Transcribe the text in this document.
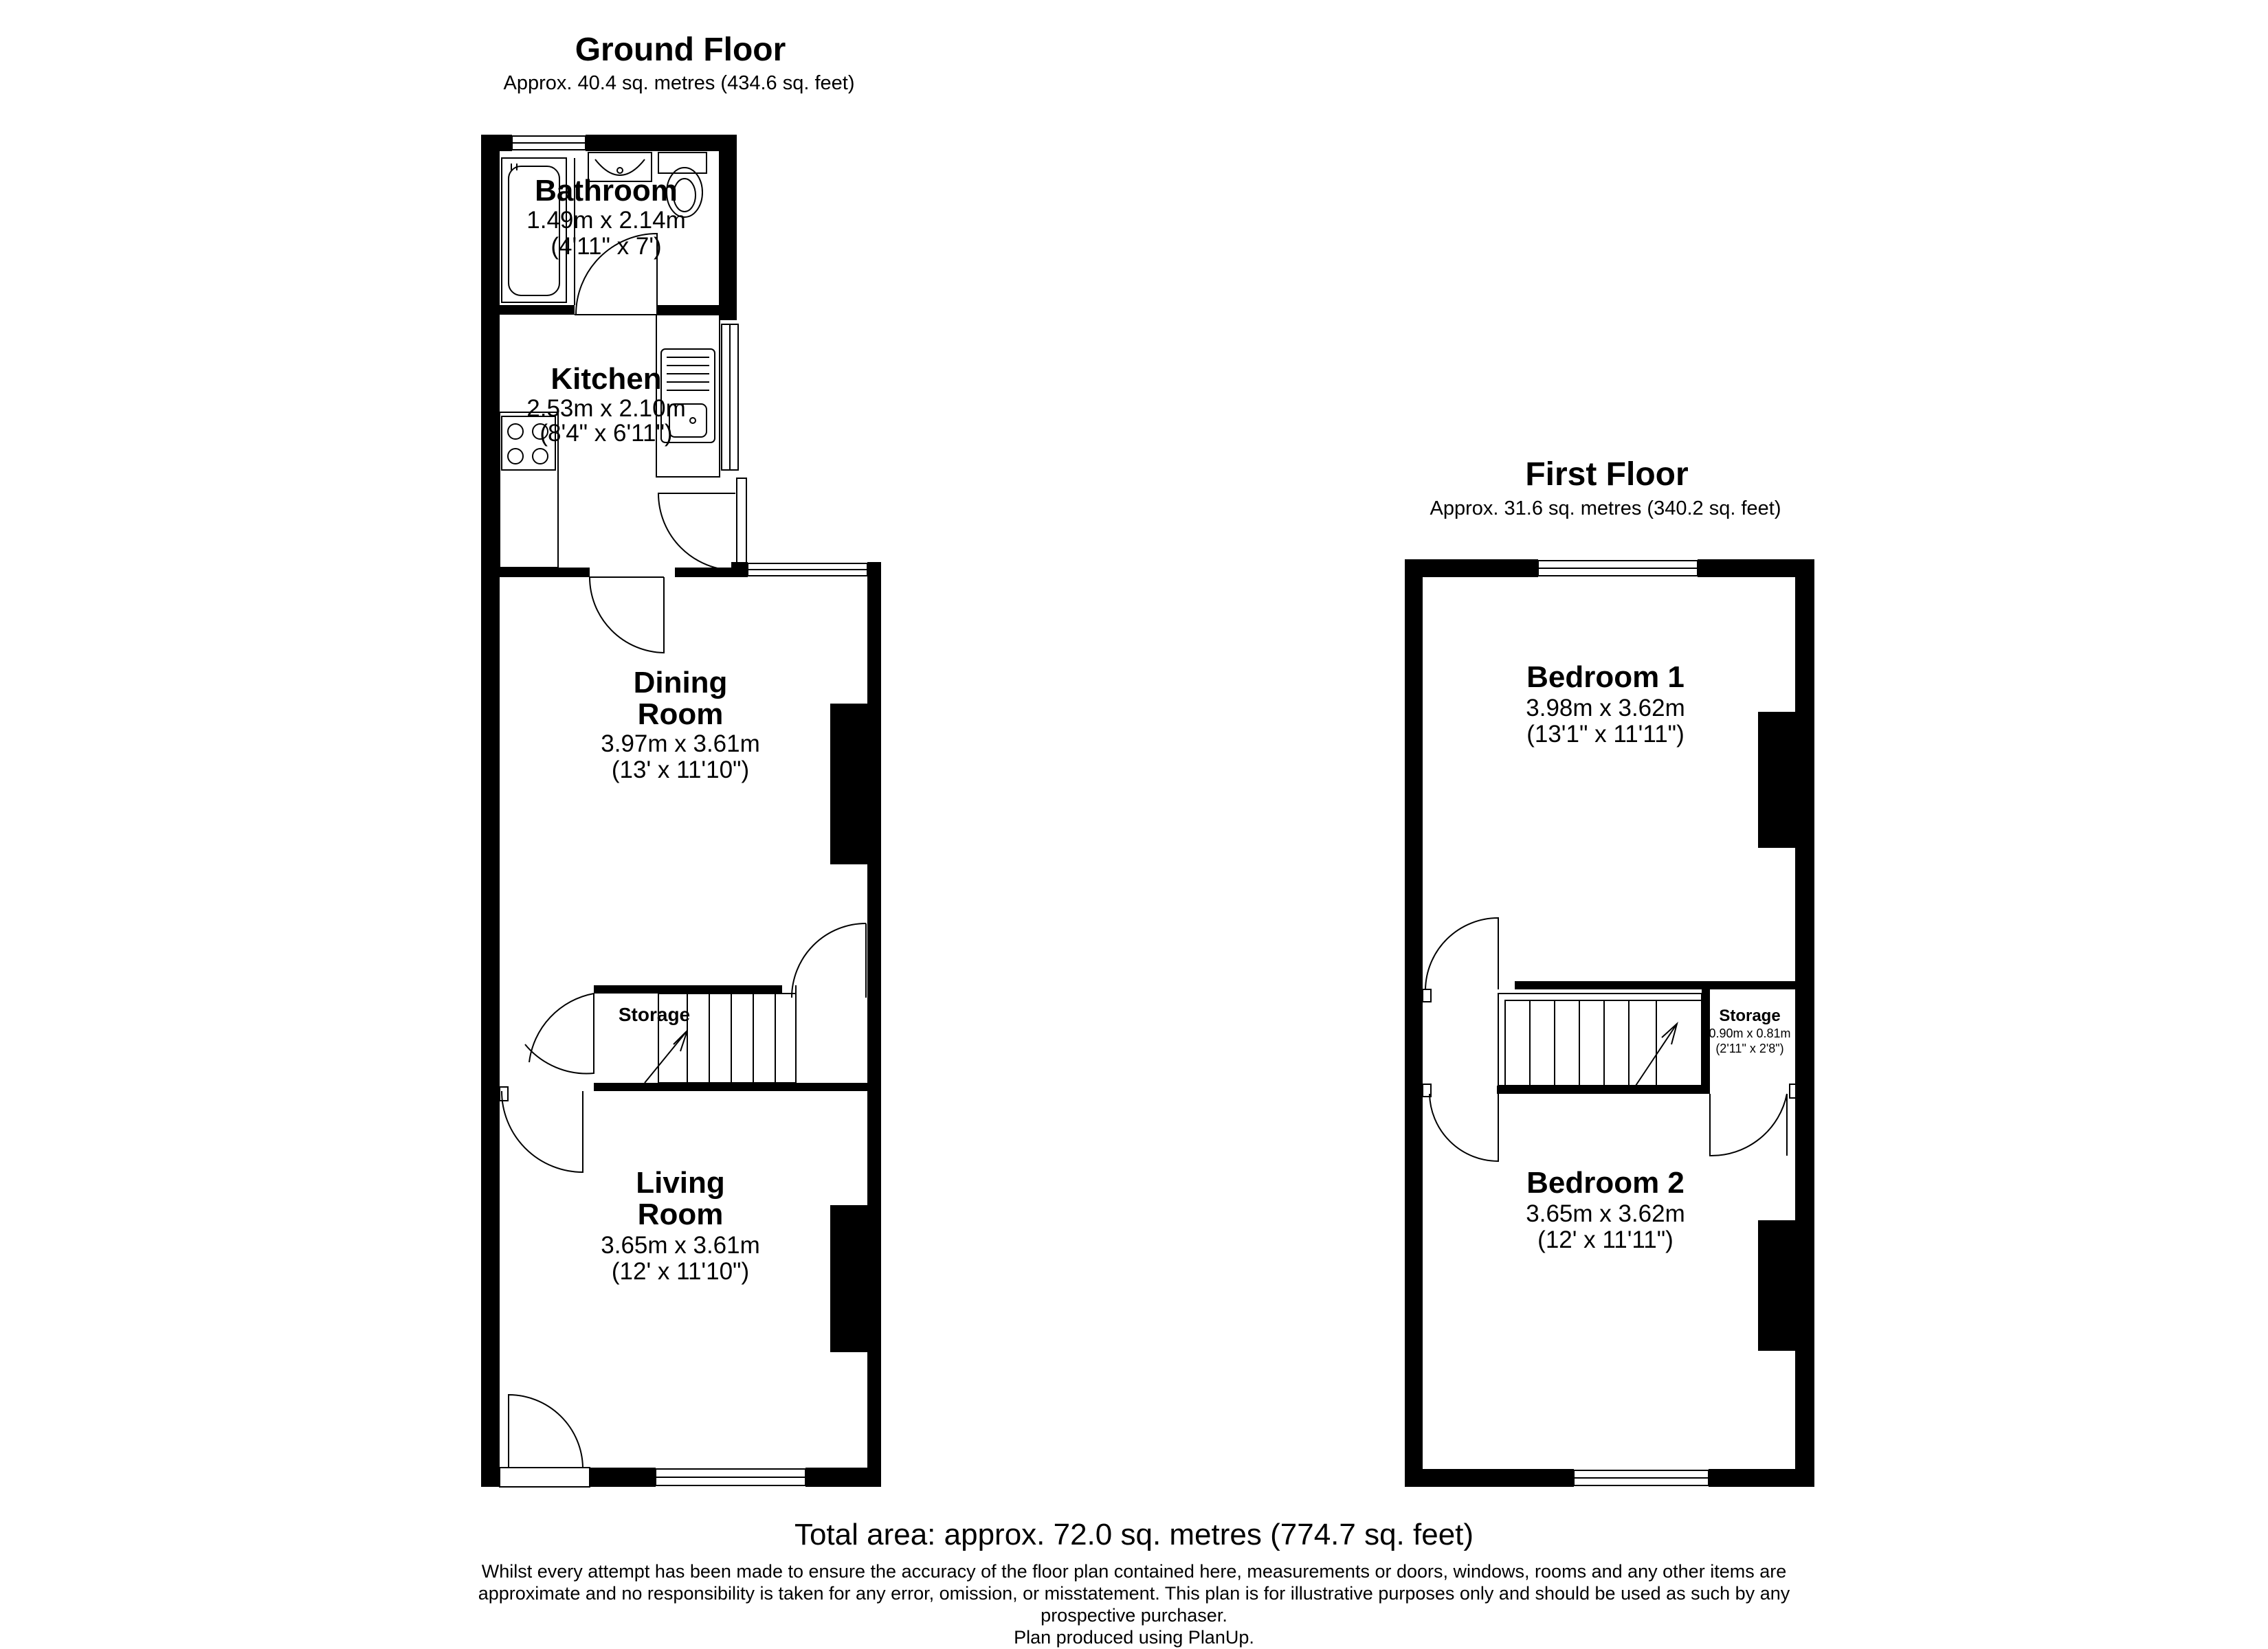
Ground Floor
Approx. 40.4 sq. metres (434.6 sq. feet)
First Floor
Approx. 31.6 sq. metres (340.2 sq. feet)
Bathroom
1.49m x 2.14m
(4'11" x 7')
Kitchen
2.53m x 2.10m
(8'4" x 6'11")
Dining
Room
3.97m x 3.61m
(13' x 11'10")
Storage
Living
Room
3.65m x 3.61m
(12' x 11'10")
Bedroom 1
3.98m x 3.62m
(13'1" x 11'11")
Bedroom 2
3.65m x 3.62m
(12' x 11'11")
Storage
0.90m x 0.81m
(2'11" x 2'8")
Total area: approx. 72.0 sq. metres (774.7 sq. feet)
Whilst every attempt has been made to ensure the accuracy of the floor plan contained here, measurements or doors, windows, rooms and any other items are
approximate and no responsibility is taken for any error, omission, or misstatement. This plan is for illustrative purposes only and should be used as such by any
prospective purchaser.
Plan produced using PlanUp.
